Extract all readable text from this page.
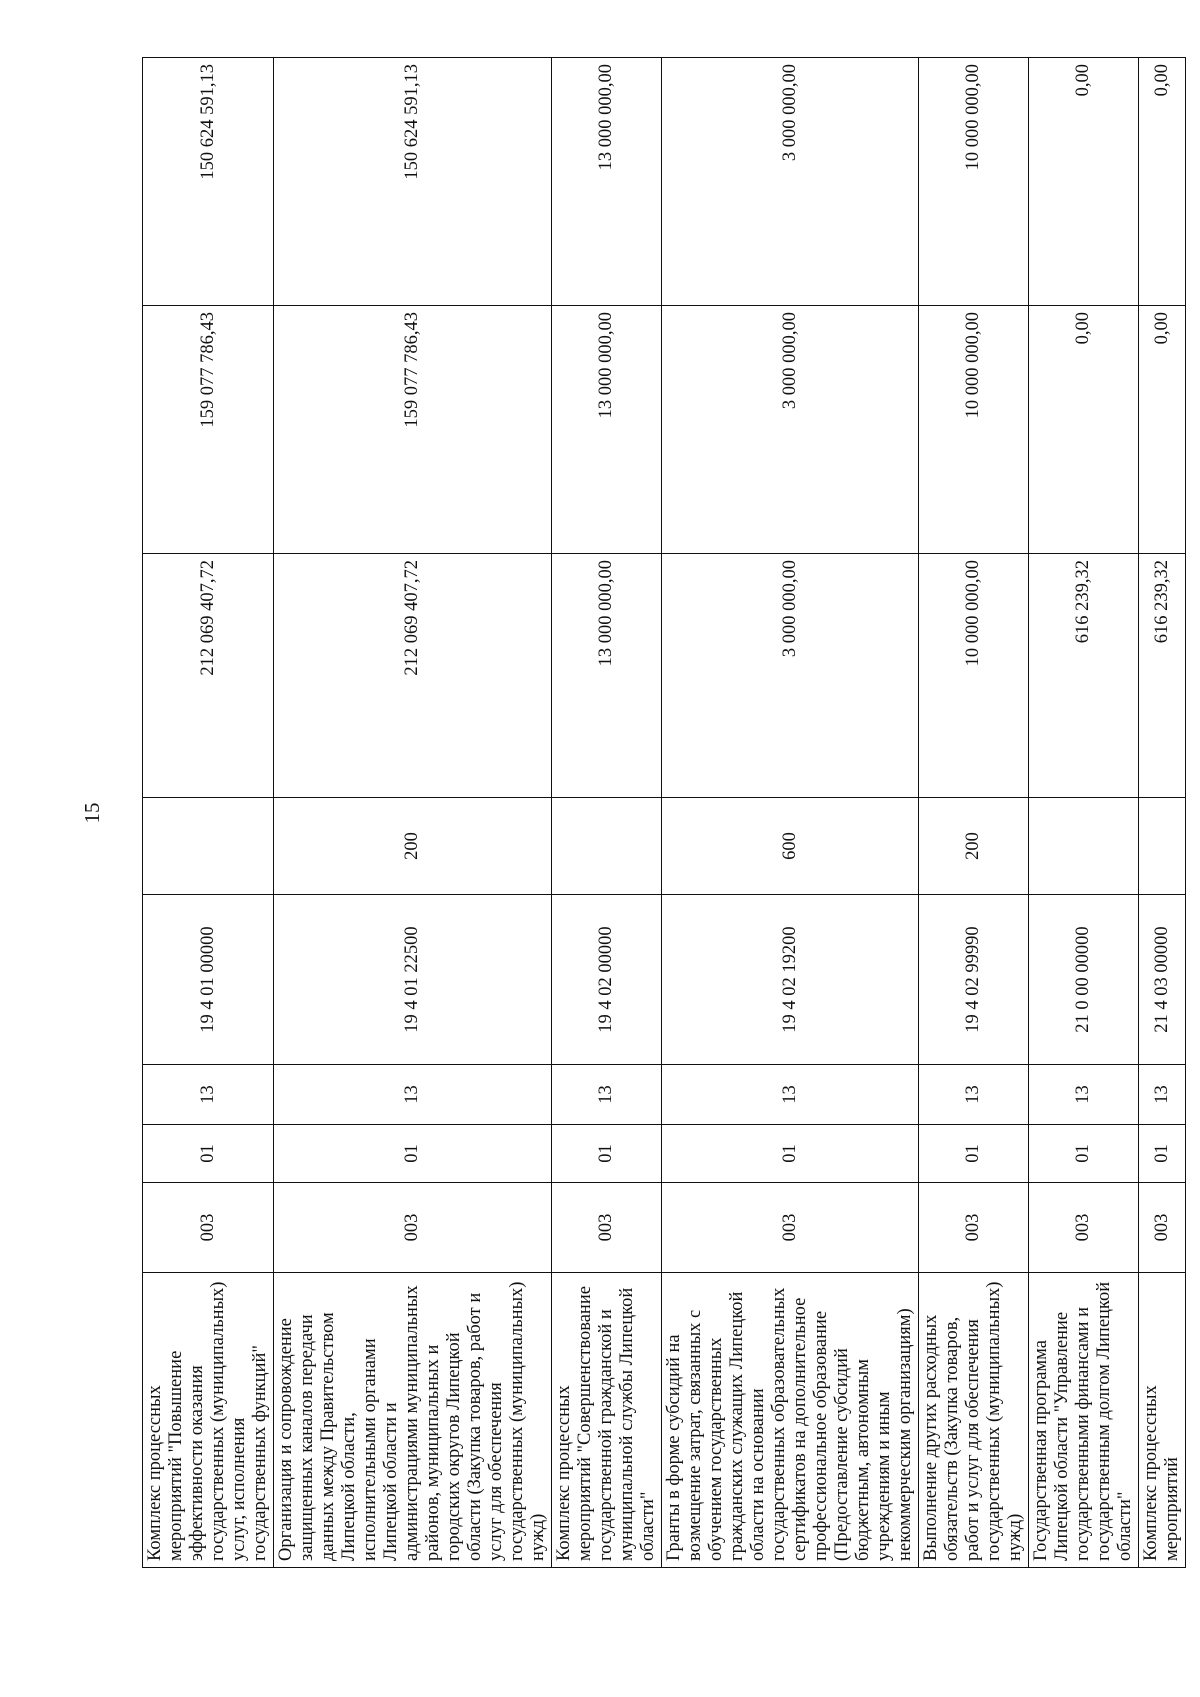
15
Комплекс процессных мероприятий "Повышение эффективности оказания государственных (муниципальных) услуг, исполнения государственных функций"	003	01	13	19 4 01 00000		212 069 407,72	159 077 786,43	150 624 591,13
Организация и сопровождение защищенных каналов передачи данных между Правительством Липецкой области, исполнительными органами Липецкой области и администрациями муниципальных районов, муниципальных и городских округов Липецкой области (Закупка товаров, работ и услуг для обеспечения государственных (муниципальных) нужд)	003	01	13	19 4 01 22500	200	212 069 407,72	159 077 786,43	150 624 591,13
Комплекс процессных мероприятий "Совершенствование государственной гражданской и муниципальной службы Липецкой области"	003	01	13	19 4 02 00000		13 000 000,00	13 000 000,00	13 000 000,00
Гранты в форме субсидий на возмещение затрат, связанных с обучением государственных гражданских служащих Липецкой области на основании государственных образовательных сертификатов на дополнительное профессиональное образование (Предоставление субсидий бюджетным, автономным учреждениям и иным некоммерческим организациям)	003	01	13	19 4 02 19200	600	3 000 000,00	3 000 000,00	3 000 000,00
Выполнение других расходных обязательств (Закупка товаров, работ и услуг для обеспечения государственных (муниципальных) нужд)	003	01	13	19 4 02 99990	200	10 000 000,00	10 000 000,00	10 000 000,00
Государственная программа Липецкой области "Управление государственными финансами и государственным долгом Липецкой области"	003	01	13	21 0 00 00000		616 239,32	0,00	0,00
Комплекс процессных мероприятий	003	01	13	21 4 03 00000		616 239,32	0,00	0,00
